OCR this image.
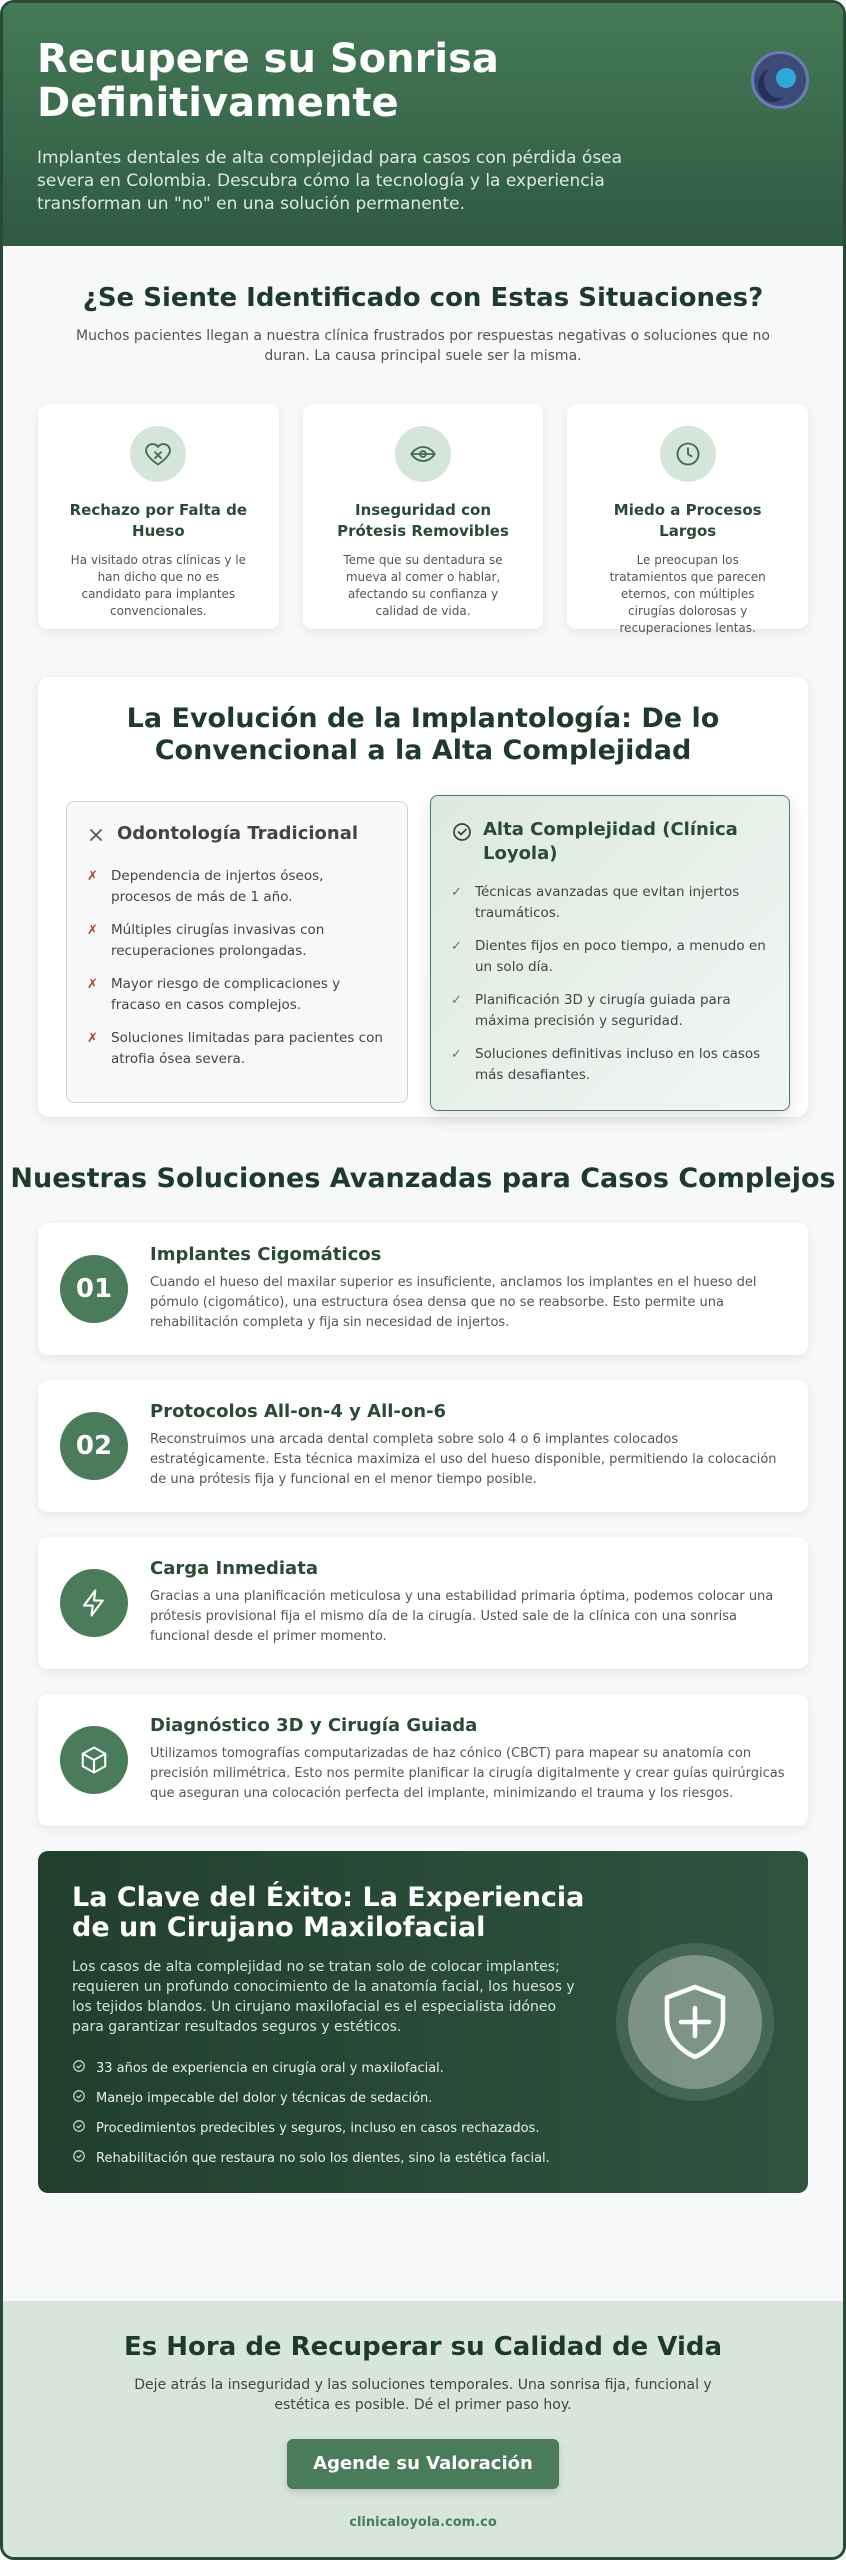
Recupere su Sonrisa Definitivamente

Implantes dentales de alta complejidad para casos con pérdida ósea severa en Colombia. Descubra cómo la tecnología y la experiencia transforman un "no" en una solución permanente.

¿Se Siente Identificado con Estas Situaciones?

Muchos pacientes llegan a nuestra clínica frustrados por respuestas negativas o soluciones que no duran. La causa principal suele ser la misma.

Rechazo por Falta de Hueso

Ha visitado otras clínicas y le han dicho que no es candidato para implantes convencionales.

Inseguridad con Prótesis Removibles

Teme que su dentadura se mueva al comer o hablar, afectando su confianza y calidad de vida.

Miedo a Procesos Largos

Le preocupan los tratamientos que parecen eternos, con múltiples cirugías dolorosas y recuperaciones lentas.

La Evolución de la Implantología: De lo Convencional a la Alta Complejidad
Odontología Tradicional
✗ Dependencia de injertos óseos, procesos de más de 1 año.
✗ Múltiples cirugías invasivas con recuperaciones prolongadas.
✗ Mayor riesgo de complicaciones y fracaso en casos complejos.
✗ Soluciones limitadas para pacientes con atrofia ósea severa.
Alta Complejidad (Clínica Loyola)
✓ Técnicas avanzadas que evitan injertos traumáticos.
✓ Dientes fijos en poco tiempo, a menudo en un solo día.
✓ Planificación 3D y cirugía guiada para máxima precisión y seguridad.
✓ Soluciones definitivas incluso en los casos más desafiantes.
Nuestras Soluciones Avanzadas para Casos Complejos
01
Implantes Cigomáticos

Cuando el hueso del maxilar superior es insuficiente, anclamos los implantes en el hueso del pómulo (cigomático), una estructura ósea densa que no se reabsorbe. Esto permite una rehabilitación completa y fija sin necesidad de injertos.

02
Protocolos All-on-4 y All-on-6

Reconstruimos una arcada dental completa sobre solo 4 o 6 implantes colocados estratégicamente. Esta técnica maximiza el uso del hueso disponible, permitiendo la colocación de una prótesis fija y funcional en el menor tiempo posible.

Carga Inmediata

Gracias a una planificación meticulosa y una estabilidad primaria óptima, podemos colocar una prótesis provisional fija el mismo día de la cirugía. Usted sale de la clínica con una sonrisa funcional desde el primer momento.

Diagnóstico 3D y Cirugía Guiada

Utilizamos tomografías computarizadas de haz cónico (CBCT) para mapear su anatomía con precisión milimétrica. Esto nos permite planificar la cirugía digitalmente y crear guías quirúrgicas que aseguran una colocación perfecta del implante, minimizando el trauma y los riesgos.

La Clave del Éxito: La Experiencia de un Cirujano Maxilofacial

Los casos de alta complejidad no se tratan solo de colocar implantes; requieren un profundo conocimiento de la anatomía facial, los huesos y los tejidos blandos. Un cirujano maxilofacial es el especialista idóneo para garantizar resultados seguros y estéticos.

33 años de experiencia en cirugía oral y maxilofacial.
Manejo impecable del dolor y técnicas de sedación.
Procedimientos predecibles y seguros, incluso en casos rechazados.
Rehabilitación que restaura no solo los dientes, sino la estética facial.
Es Hora de Recuperar su Calidad de Vida

Deje atrás la inseguridad y las soluciones temporales. Una sonrisa fija, funcional y estética es posible. Dé el primer paso hoy.

Agende su Valoración
clinicaloyola.com.co
